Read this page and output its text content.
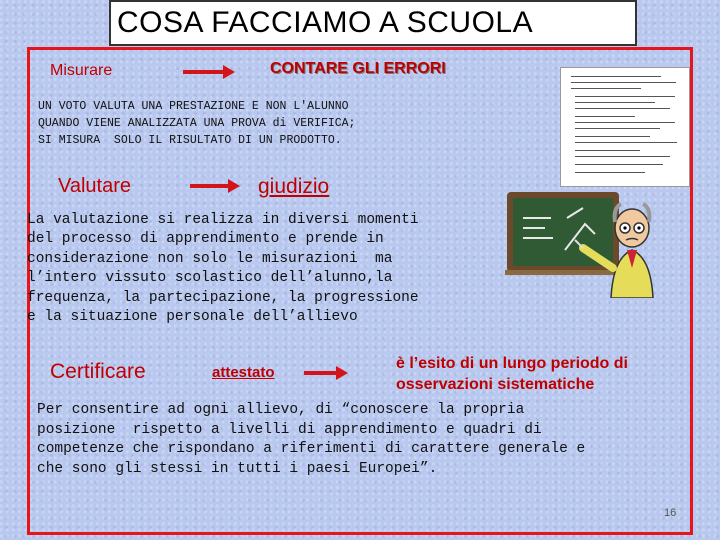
COSA FACCIAMO A SCUOLA
Misurare	CONTARE GLI ERRORI
UN VOTO VALUTA UNA PRESTAZIONE E NON L'ALUNNO
QUANDO VIENE ANALIZZATA UNA PROVA di VERIFICA;
SI MISURA  SOLO IL RISULTATO DI UN PRODOTTO.
Valutare	giudizio
La valutazione si realizza in diversi momenti
del processo di apprendimento e prende in
considerazione non solo le misurazioni  ma
l’intero vissuto scolastico dell’alunno,la
frequenza, la partecipazione, la progressione
e la situazione personale dell’allievo
Certificare	attestato
è l’esito di un lungo periodo di
osservazioni sistematiche
Per consentire ad ogni allievo, di “conoscere la propria
posizione  rispetto a livelli di apprendimento e quadri di
competenze che rispondano a riferimenti di carattere generale e
che sono gli stessi in tutti i paesi Europei”.
16
